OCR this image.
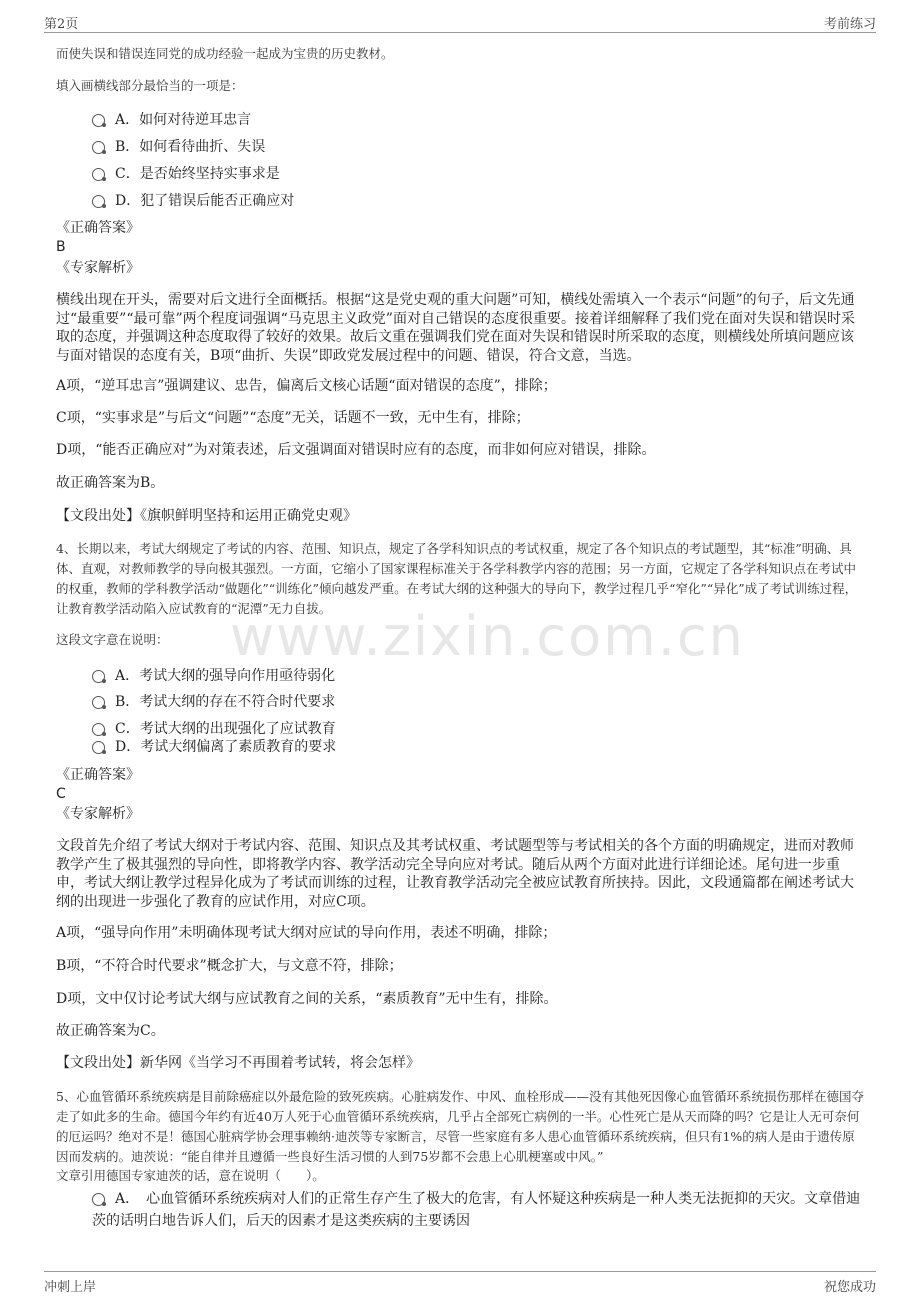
第2页	考前练习
www.zixin.com.cn
而使失误和错误连同党的成功经验一起成为宝贵的历史教材。
填入画横线部分最恰当的一项是：
A．如何对待逆耳忠言
B．如何看待曲折、失误
C．是否始终坚持实事求是
D．犯了错误后能否正确应对
《正确答案》
B
《专家解析》
横线出现在开头，需要对后文进行全面概括。根据“这是党史观的重大问题”可知，横线处需填入一个表示“问题”的句子，后文先通过“最重要”“最可靠”两个程度词强调“马克思主义政党”面对自己错误的态度很重要。接着详细解释了我们党在面对失误和错误时采取的态度，并强调这种态度取得了较好的效果。故后文重在强调我们党在面对失误和错误时所采取的态度，则横线处所填问题应该与面对错误的态度有关，B项“曲折、失误”即政党发展过程中的问题、错误，符合文意，当选。
A项，“逆耳忠言”强调建议、忠告，偏离后文核心话题“面对错误的态度”，排除；
C项，“实事求是”与后文“问题”“态度”无关，话题不一致，无中生有，排除；
D项，“能否正确应对”为对策表述，后文强调面对错误时应有的态度，而非如何应对错误，排除。
故正确答案为B。
【文段出处】《旗帜鲜明坚持和运用正确党史观》
4、长期以来，考试大纲规定了考试的内容、范围、知识点，规定了各学科知识点的考试权重，规定了各个知识点的考试题型，其“标准”明确、具体、直观，对教师教学的导向极其强烈。一方面，它缩小了国家课程标准关于各学科教学内容的范围；另一方面，它规定了各学科知识点在考试中的权重，教师的学科教学活动“做题化”“训练化”倾向越发严重。在考试大纲的这种强大的导向下，教学过程几乎“窄化”“异化”成了考试训练过程，让教育教学活动陷入应试教育的“泥潭”无力自拔。
这段文字意在说明：
A．考试大纲的强导向作用亟待弱化
B．考试大纲的存在不符合时代要求
C．考试大纲的出现强化了应试教育
D．考试大纲偏离了素质教育的要求
《正确答案》
C
《专家解析》
文段首先介绍了考试大纲对于考试内容、范围、知识点及其考试权重、考试题型等与考试相关的各个方面的明确规定，进而对教师教学产生了极其强烈的导向性，即将教学内容、教学活动完全导向应对考试。随后从两个方面对此进行详细论述。尾句进一步重申，考试大纲让教学过程异化成为了考试而训练的过程，让教育教学活动完全被应试教育所挟持。因此，文段通篇都在阐述考试大纲的出现进一步强化了教育的应试作用，对应C项。
A项，“强导向作用”未明确体现考试大纲对应试的导向作用，表述不明确，排除；
B项，“不符合时代要求”概念扩大，与文意不符，排除；
D项，文中仅讨论考试大纲与应试教育之间的关系，“素质教育”无中生有，排除。
故正确答案为C。
【文段出处】新华网《当学习不再围着考试转，将会怎样》
5、心血管循环系统疾病是目前除癌症以外最危险的致死疾病。心脏病发作、中风、血栓形成——没有其他死因像心血管循环系统损伤那样在德国夺走了如此多的生命。德国今年约有近40万人死于心血管循环系统疾病，几乎占全部死亡病例的一半。心性死亡是从天而降的吗？它是让人无可奈何的厄运吗？绝对不是！德国心脏病学协会理事赖纳·迪茨等专家断言，尽管一些家庭有多人患心血管循环系统疾病，但只有1%的病人是由于遗传原因而发病的。迪茨说：“能自律并且遵循一些良好生活习惯的人到75岁都不会患上心肌梗塞或中风。”
文章引用德国专家迪茨的话，意在说明（　　）。
A．　心血管循环系统疾病对人们的正常生存产生了极大的危害，有人怀疑这种疾病是一种人类无法扼抑的天灾。文章借迪茨的话明白地告诉人们，后天的因素才是这类疾病的主要诱因
冲刺上岸	祝您成功
